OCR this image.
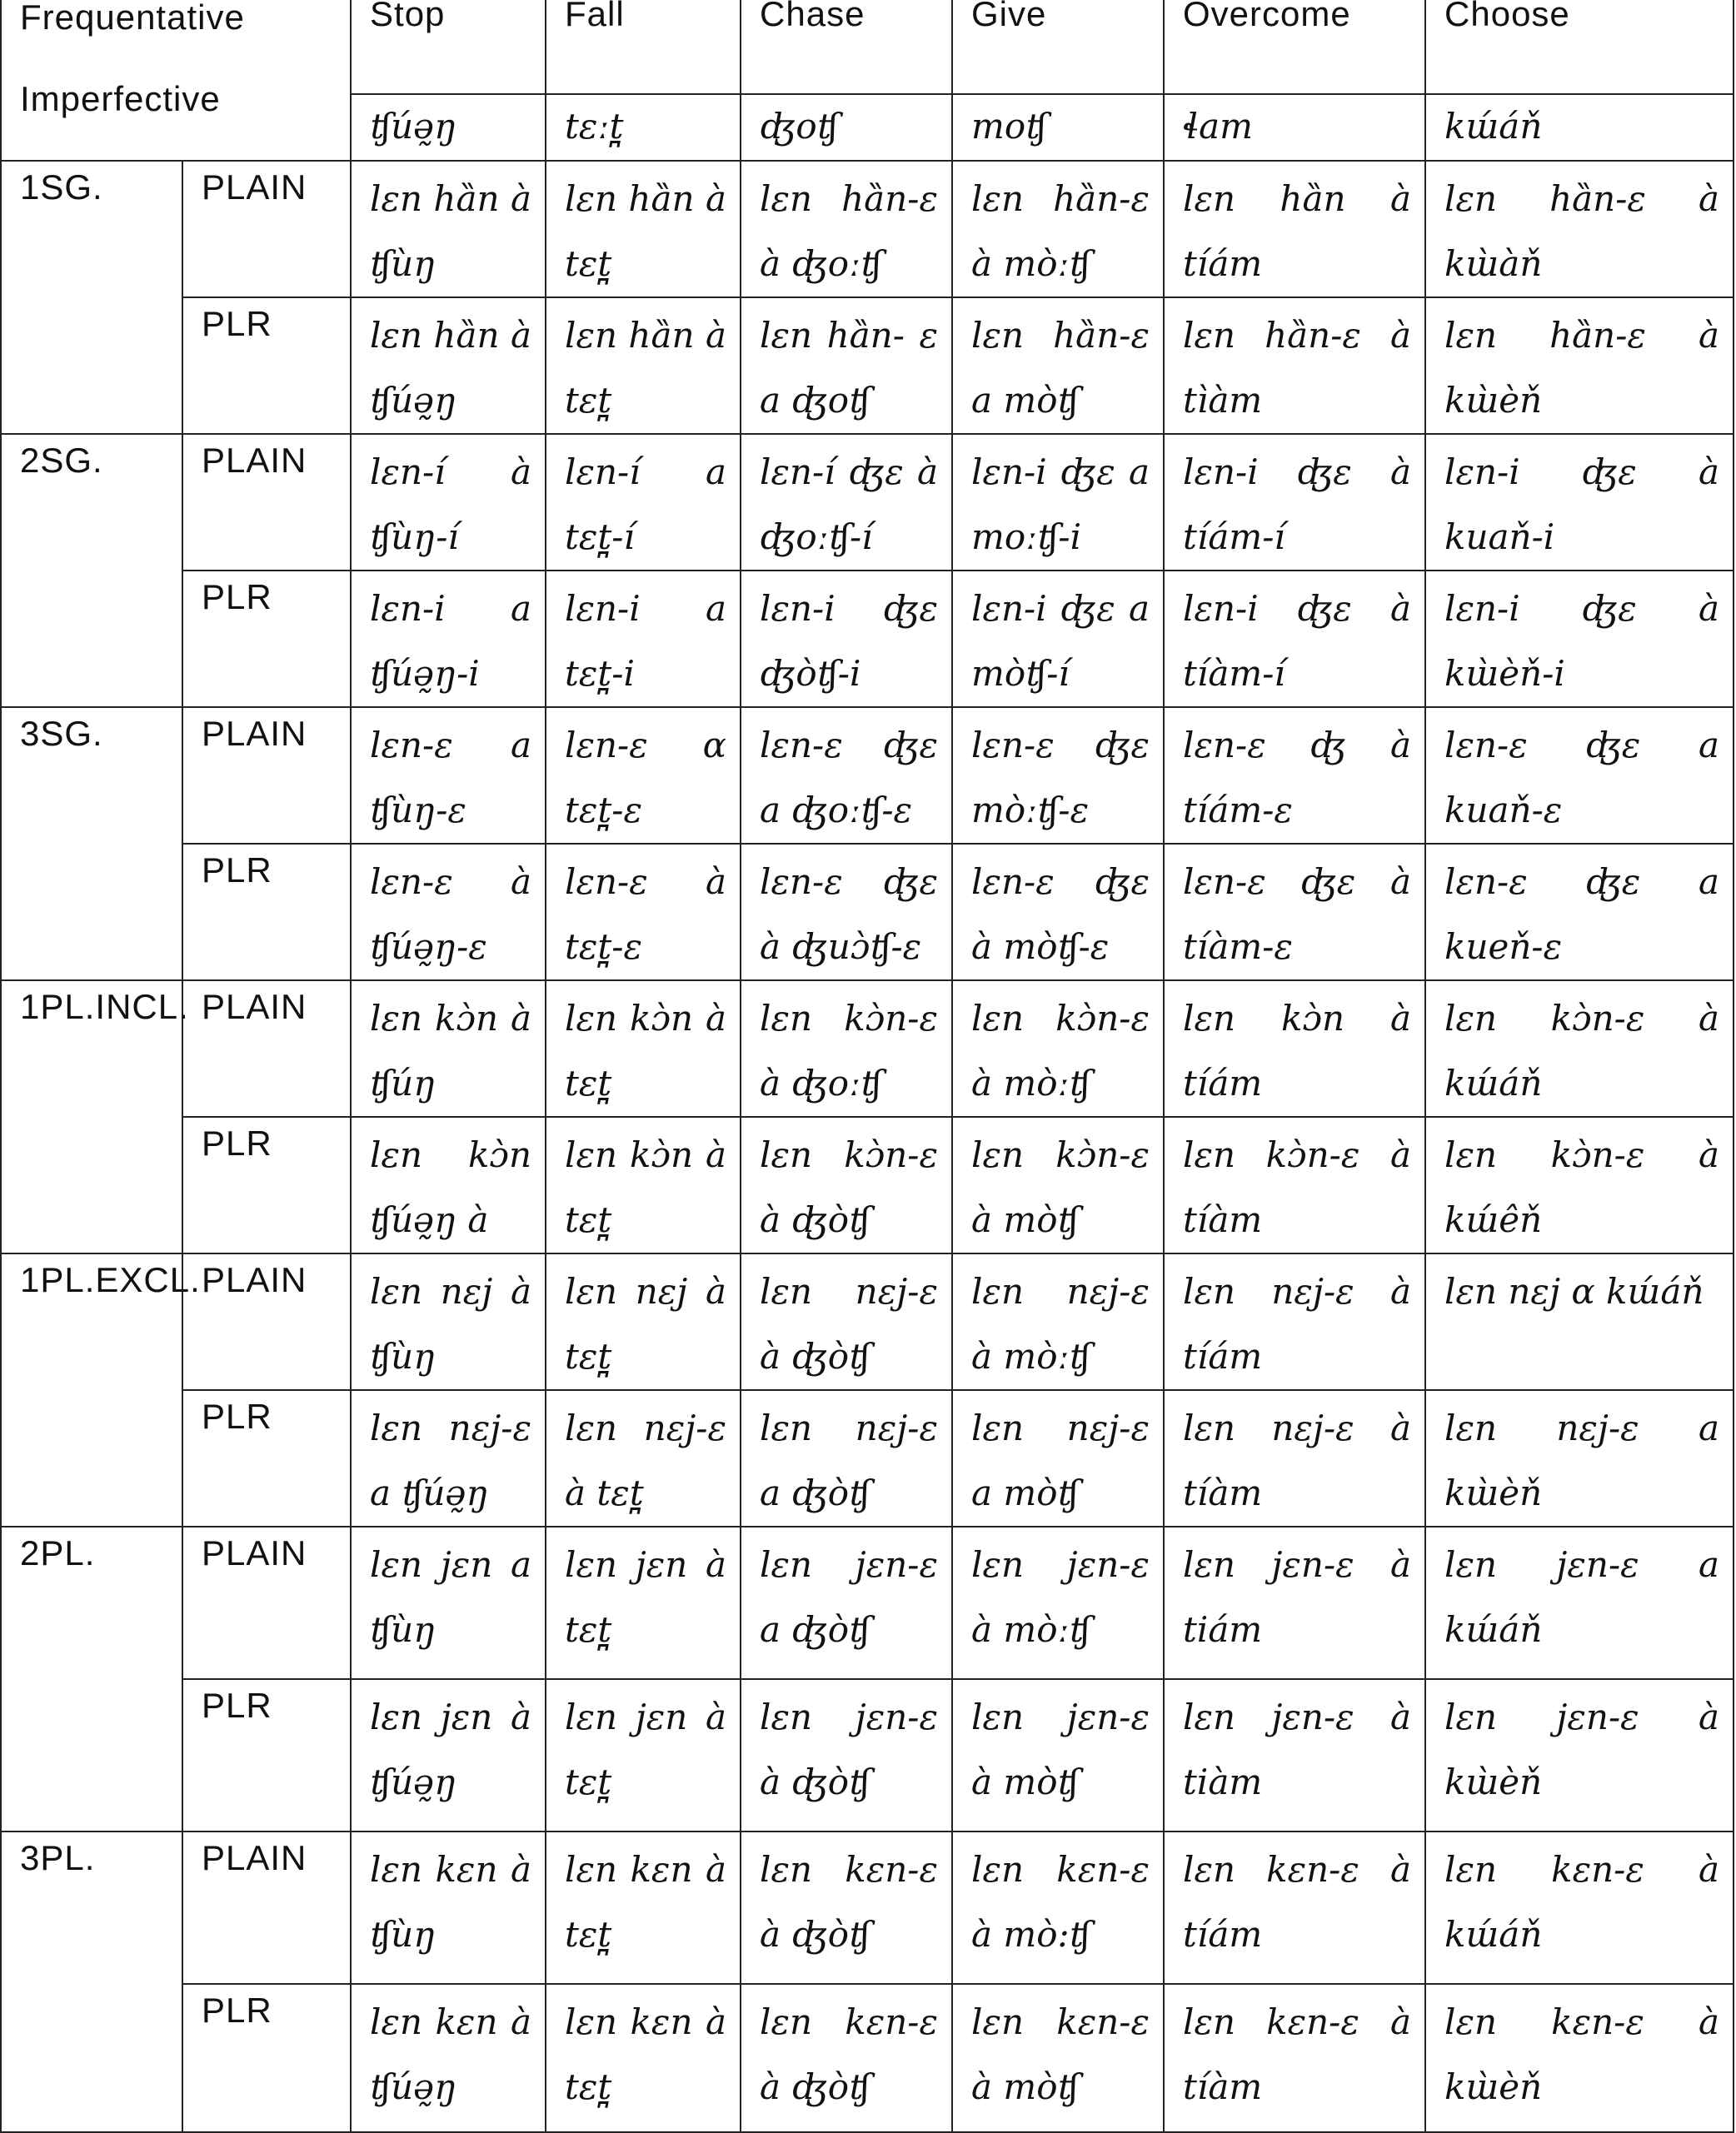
Frequentative Imperfective		Stop	Fall	Chase	Give	Overcome	Choose
		ʧúə̰ŋ	tɛːt̪	ʤoʧ	moʧ	ɬam	kɯ́áň
1SG.	PLAIN	lɛn hȁn à ʧùŋ	lɛn hȁn à tɛt̪	lɛn hȁn-ɛ à ʤoːʧ	lɛn hȁn-ɛ à mòːʧ	lɛn hȁn à tíám	lɛn hȁn-ɛ à kɯ̀àň
	PLR	lɛn hȁn à ʧúə̰ŋ	lɛn hȁn à tɛt̪	lɛn hȁn- ɛ a ʤoʧ	lɛn hȁn-ɛ a mòʧ	lɛn hȁn-ɛ à tìàm	lɛn hȁn-ɛ à kɯ̀èň
2SG.	PLAIN	lɛn-í à ʧùŋ-í	lɛn-í a tɛt̪-í	lɛn-í ʤɛ à ʤoːʧ-í	lɛn-i ʤɛ a moːʧ-i	lɛn-i ʤɛ à tíám-í	lɛn-i ʤɛ à kuaň-i
	PLR	lɛn-i a ʧúə̰ŋ-i	lɛn-i a tɛt̪-i	lɛn-i ʤɛ ʤòʧ-i	lɛn-i ʤɛ a mòʧ-í	lɛn-i ʤɛ à tíàm-í	lɛn-i ʤɛ à kɯ̀èň-i
3SG.	PLAIN	lɛn-ɛ a ʧùŋ-ɛ	lɛn-ɛ ɑ tɛt̪-ɛ	lɛn-ɛ ʤɛ a ʤoːʧ-ɛ	lɛn-ɛ ʤɛ mòːʧ-ɛ	lɛn-ɛ ʤ à tíám-ɛ	lɛn-ɛ ʤɛ a kuaň-ɛ
	PLR	lɛn-ɛ à ʧúə̰ŋ-ɛ	lɛn-ɛ à tɛt̪-ɛ	lɛn-ɛ ʤɛ à ʤuɔ̀ʧ-ɛ	lɛn-ɛ ʤɛ à mòʧ-ɛ	lɛn-ɛ ʤɛ à tíàm-ɛ	lɛn-ɛ ʤɛ a kueň-ɛ
1PL.INCL.	PLAIN	lɛn kɔ̀n à ʧúŋ	lɛn kɔ̀n à tɛt̪	lɛn kɔ̀n-ɛ à ʤoːʧ	lɛn kɔ̀n-ɛ à mòːʧ	lɛn kɔ̀n à tíám	lɛn kɔ̀n-ɛ à kɯ́áň
	PLR	lɛn kɔ̀n ʧúə̰ŋ à	lɛn kɔ̀n à tɛt̪	lɛn kɔ̀n-ɛ à ʤòʧ	lɛn kɔ̀n-ɛ à mòʧ	lɛn kɔ̀n-ɛ à tíàm	lɛn kɔ̀n-ɛ à kɯ́êň
1PL.EXCL.	PLAIN	lɛn nɛj à ʧùŋ	lɛn nɛj à tɛt̪	lɛn nɛj-ɛ à ʤòʧ	lɛn nɛj-ɛ à mòːʧ	lɛn nɛj-ɛ à tíám	lɛn nɛj ɑ kɯ́áň
	PLR	lɛn nɛj-ɛ a ʧúə̰ŋ	lɛn nɛj-ɛ à tɛt̪	lɛn nɛj-ɛ a ʤòʧ	lɛn nɛj-ɛ a mòʧ	lɛn nɛj-ɛ à tíàm	lɛn nɛj-ɛ a kɯ̀èň
2PL.	PLAIN	lɛn jɛn a ʧùŋ	lɛn jɛn à tɛt̪	lɛn jɛn-ɛ a ʤòʧ	lɛn jɛn-ɛ à mòːʧ	lɛn jɛn-ɛ à tiám	lɛn jɛn-ɛ a kɯ́áň
	PLR	lɛn jɛn à ʧúə̰ŋ	lɛn jɛn à tɛt̪	lɛn jɛn-ɛ à ʤòʧ	lɛn jɛn-ɛ à mòʧ	lɛn jɛn-ɛ à tiàm	lɛn jɛn-ɛ à kɯ̀èň
3PL.	PLAIN	lɛn kɛn à ʧùŋ	lɛn kɛn à tɛt̪	lɛn kɛn-ɛ à ʤòʧ	lɛn kɛn-ɛ à mò:ʧ	lɛn kɛn-ɛ à tíám	lɛn kɛn-ɛ à kɯ́áň
	PLR	lɛn kɛn à ʧúə̰ŋ	lɛn kɛn à tɛt̪	lɛn kɛn-ɛ à ʤòʧ	lɛn kɛn-ɛ à mòʧ	lɛn kɛn-ɛ à tíàm	lɛn kɛn-ɛ à kɯ̀èň
